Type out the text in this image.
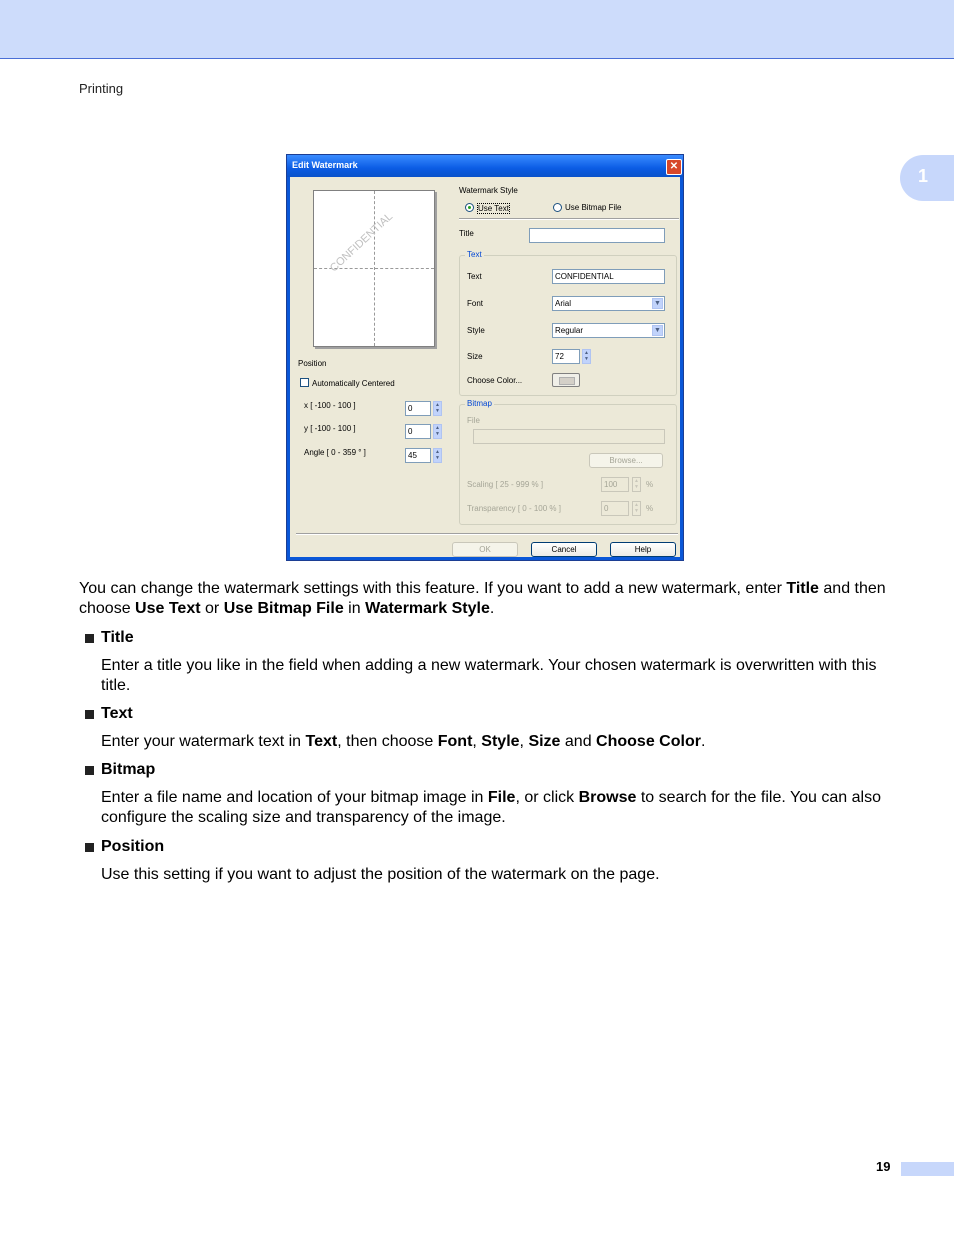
Printing
1
Edit Watermark	✕
CONFIDENTIAL
Position
Automatically Centered
x [ -100 - 100 ]	0	▲
▼
y [ -100 - 100 ]	0	▲
▼
Angle [ 0 - 359 ° ]	45	▲
▼
Watermark Style
Use Text	Use Bitmap File
Title
Text
Text	CONFIDENTIAL
Font	Arial	▼
Style	Regular	▼
Size	72	▲
▼
Choose Color...
Bitmap
File
Browse...
Scaling [ 25 - 999 % ]	100	▲
▼ %
Transparency [ 0 - 100 % ]	0	▲
▼ %
OK	Cancel	Help
You can change the watermark settings with this feature. If you want to add a new watermark, enter Title and then choose Use Text or Use Bitmap File in Watermark Style.
Title
Enter a title you like in the field when adding a new watermark. Your chosen watermark is overwritten with this title.
Text
Enter your watermark text in Text, then choose Font, Style, Size and Choose Color.
Bitmap
Enter a file name and location of your bitmap image in File, or click Browse to search for the file. You can also configure the scaling size and transparency of the image.
Position
Use this setting if you want to adjust the position of the watermark on the page.
19
